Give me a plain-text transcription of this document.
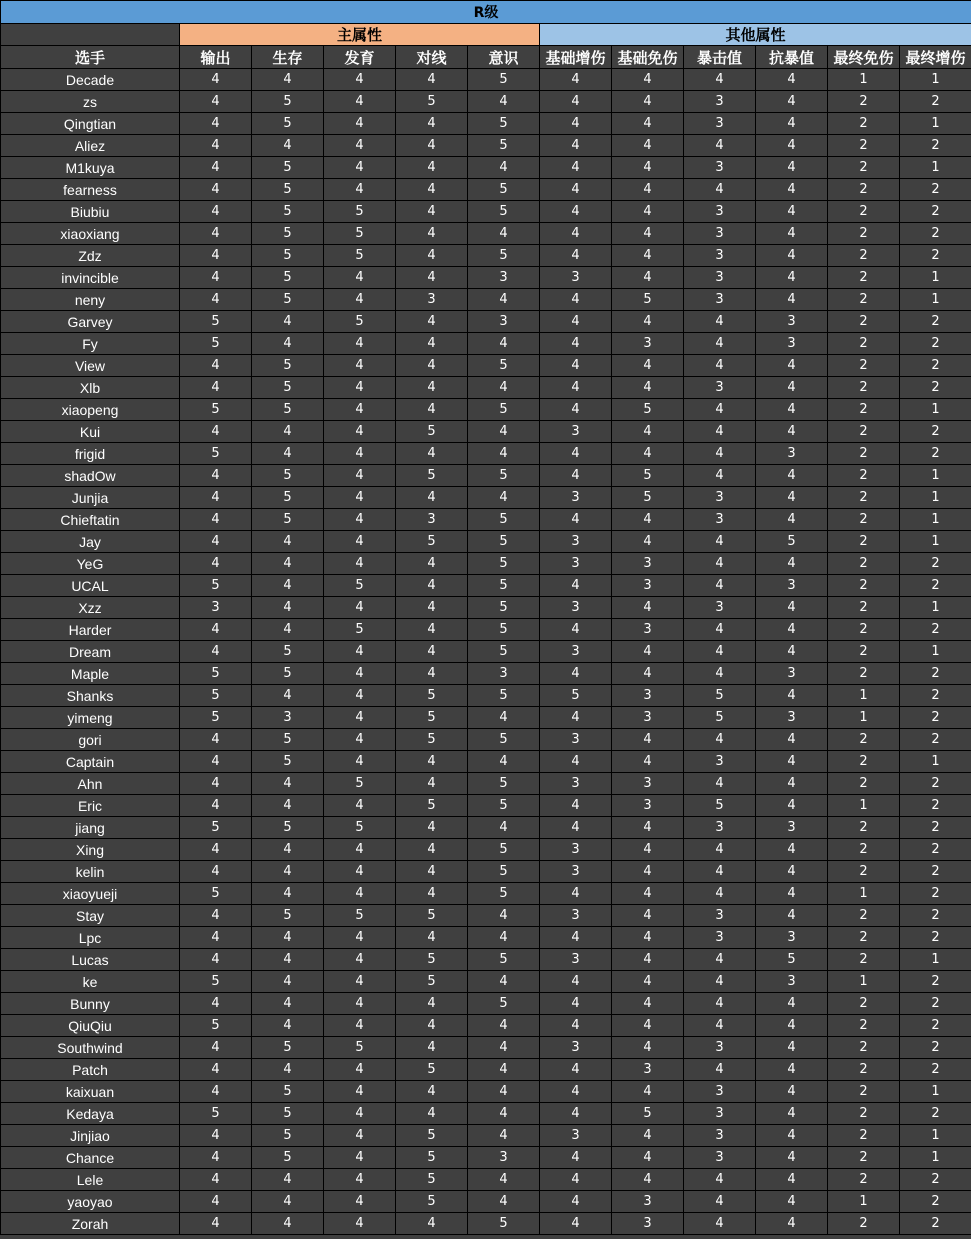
R级											
	主属性					其他属性					
选手	输出	生存	发育	对线	意识	基础增伤	基础免伤	暴击值	抗暴值	最终免伤	最终增伤
Decade	4	4	4	4	5	4	4	4	4	1	1
zs	4	5	4	5	4	4	4	3	4	2	2
Qingtian	4	5	4	4	5	4	4	3	4	2	1
Aliez	4	4	4	4	5	4	4	4	4	2	2
M1kuya	4	5	4	4	4	4	4	3	4	2	1
fearness	4	5	4	4	5	4	4	4	4	2	2
Biubiu	4	5	5	4	5	4	4	3	4	2	2
xiaoxiang	4	5	5	4	4	4	4	3	4	2	2
Zdz	4	5	5	4	5	4	4	3	4	2	2
invincible	4	5	4	4	3	3	4	3	4	2	1
neny	4	5	4	3	4	4	5	3	4	2	1
Garvey	5	4	5	4	3	4	4	4	3	2	2
Fy	5	4	4	4	4	4	3	4	3	2	2
View	4	5	4	4	5	4	4	4	4	2	2
Xlb	4	5	4	4	4	4	4	3	4	2	2
xiaopeng	5	5	4	4	5	4	5	4	4	2	1
Kui	4	4	4	5	4	3	4	4	4	2	2
frigid	5	4	4	4	4	4	4	4	3	2	2
shadOw	4	5	4	5	5	4	5	4	4	2	1
Junjia	4	5	4	4	4	3	5	3	4	2	1
Chieftatin	4	5	4	3	5	4	4	3	4	2	1
Jay	4	4	4	5	5	3	4	4	5	2	1
YeG	4	4	4	4	5	3	3	4	4	2	2
UCAL	5	4	5	4	5	4	3	4	3	2	2
Xzz	3	4	4	4	5	3	4	3	4	2	1
Harder	4	4	5	4	5	4	3	4	4	2	2
Dream	4	5	4	4	5	3	4	4	4	2	1
Maple	5	5	4	4	3	4	4	4	3	2	2
Shanks	5	4	4	5	5	5	3	5	4	1	2
yimeng	5	3	4	5	4	4	3	5	3	1	2
gori	4	5	4	5	5	3	4	4	4	2	2
Captain	4	5	4	4	4	4	4	3	4	2	1
Ahn	4	4	5	4	5	3	3	4	4	2	2
Eric	4	4	4	5	5	4	3	5	4	1	2
jiang	5	5	5	4	4	4	4	3	3	2	2
Xing	4	4	4	4	5	3	4	4	4	2	2
kelin	4	4	4	4	5	3	4	4	4	2	2
xiaoyueji	5	4	4	4	5	4	4	4	4	1	2
Stay	4	5	5	5	4	3	4	3	4	2	2
Lpc	4	4	4	4	4	4	4	3	3	2	2
Lucas	4	4	4	5	5	3	4	4	5	2	1
ke	5	4	4	5	4	4	4	4	3	1	2
Bunny	4	4	4	4	5	4	4	4	4	2	2
QiuQiu	5	4	4	4	4	4	4	4	4	2	2
Southwind	4	5	5	4	4	3	4	3	4	2	2
Patch	4	4	4	5	4	4	3	4	4	2	2
kaixuan	4	5	4	4	4	4	4	3	4	2	1
Kedaya	5	5	4	4	4	4	5	3	4	2	2
Jinjiao	4	5	4	5	4	3	4	3	4	2	1
Chance	4	5	4	5	3	4	4	3	4	2	1
Lele	4	4	4	5	4	4	4	4	4	2	2
yaoyao	4	4	4	5	4	4	3	4	4	1	2
Zorah	4	4	4	4	5	4	3	4	4	2	2
